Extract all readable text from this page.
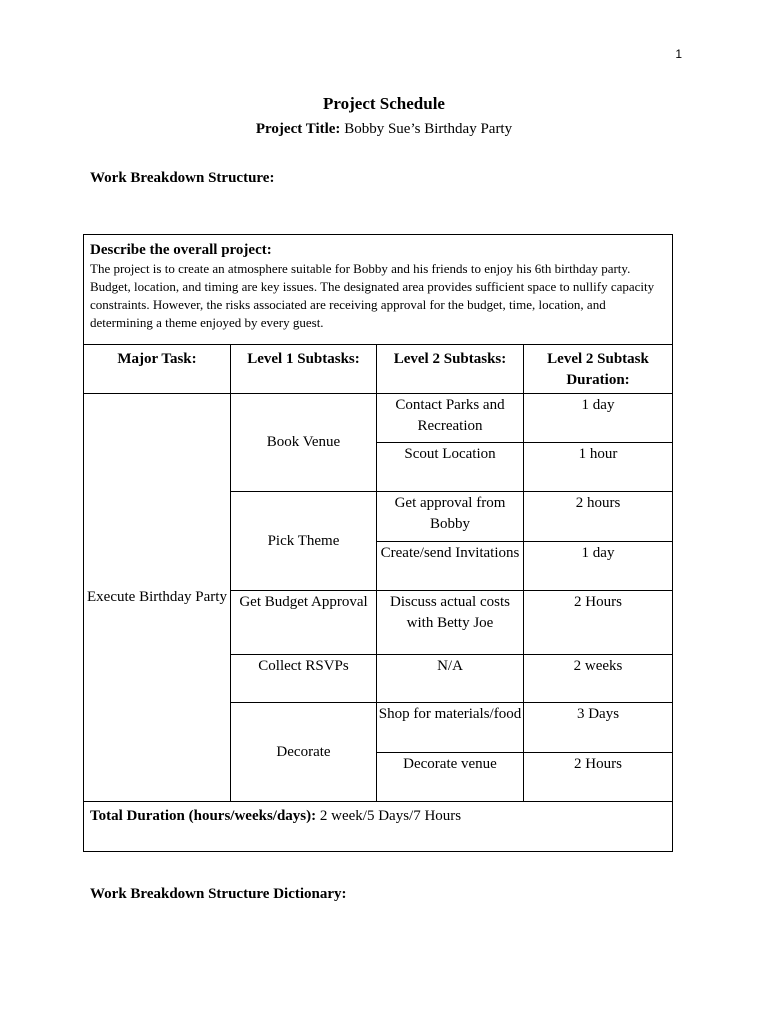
1
Project Schedule
Project Title: Bobby Sue’s Birthday Party
Work Breakdown Structure:
Describe the overall project:
The project is to create an atmosphere suitable for Bobby and his friends to enjoy his 6th birthday party. Budget, location, and timing are key issues. The designated area provides sufficient space to nullify capacity constraints. However, the risks associated are receiving approval for the budget, time, location, and determining a theme enjoyed by every guest.			

Major Task:	Level 1 Subtasks:	Level 2 Subtasks:	Level 2 Subtask Duration:
Execute Birthday Party	Book Venue	Contact Parks and Recreation	1 day
		Scout Location	1 hour
	Pick Theme	Get approval from Bobby	2 hours
		Create/send Invitations	1 day
	Get Budget Approval	Discuss actual costs with Betty Joe	2 Hours
	Collect RSVPs	N/A	2 weeks
	Decorate	Shop for materials/food	3 Days
		Decorate venue	2 Hours
Total Duration (hours/weeks/days): 2 week/5 Days/7 Hours			
Work Breakdown Structure Dictionary:
